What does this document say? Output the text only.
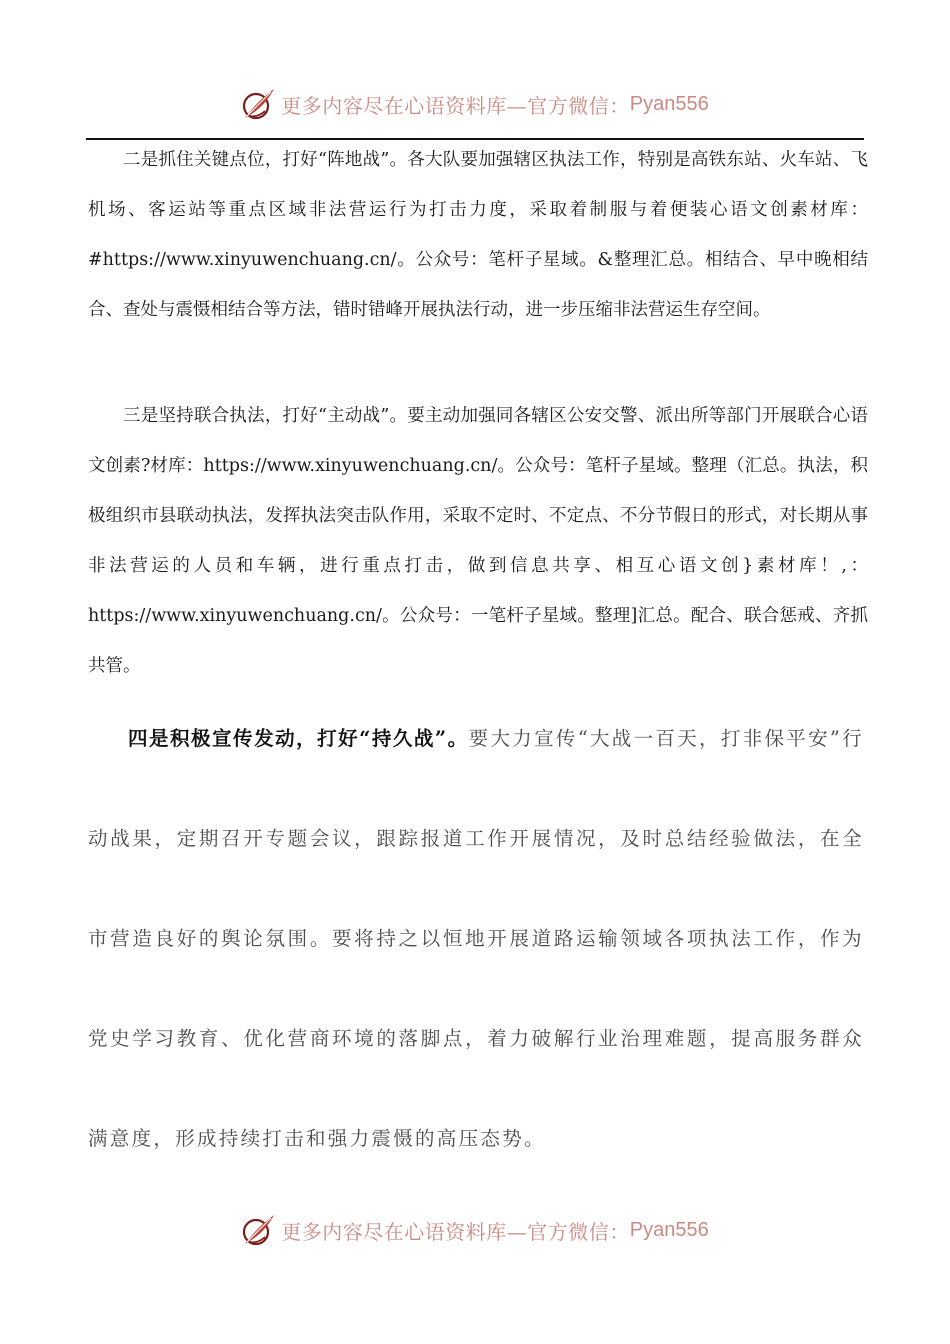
更多内容尽在心语资料库—官方微信： Pyan556

二是抓住关键点位，打好“阵地战”。各大队要加强辖区执法工作，特别是高铁东站、火车站、飞机场、客运站等重点区域非法营运行为打击力度，采取着制服与着便装心语文创素材库：#https://www.xinyuwenchuang.cn/。公众号：笔杆子星域。&整理汇总。相结合、早中晚相结合、查处与震慑相结合等方法，错时错峰开展执法行动，进一步压缩非法营运生存空间。

三是坚持联合执法，打好“主动战”。要主动加强同各辖区公安交警、派出所等部门开展联合心语文创素?材库：https://www.xinyuwenchuang.cn/。公众号：笔杆子星域。整理（汇总。执法，积极组织市县联动执法，发挥执法突击队作用，采取不定时、不定点、不分节假日的形式，对长期从事非法营运的人员和车辆，进行重点打击，做到信息共享、相互心语文创}素材库！,：https://www.xinyuwenchuang.cn/。公众号：一笔杆子星域。整理]汇总。配合、联合惩戒、齐抓共管。

四是积极宣传发动，打好“持久战”。要大力宣传“大战一百天，打非保平安”行动战果，定期召开专题会议，跟踪报道工作开展情况，及时总结经验做法，在全市营造良好的舆论氛围。要将持之以恒地开展道路运输领域各项执法工作，作为党史学习教育、优化营商环境的落脚点，着力破解行业治理难题，提高服务群众满意度，形成持续打击和强力震慑的高压态势。

更多内容尽在心语资料库—官方微信： Pyan556
